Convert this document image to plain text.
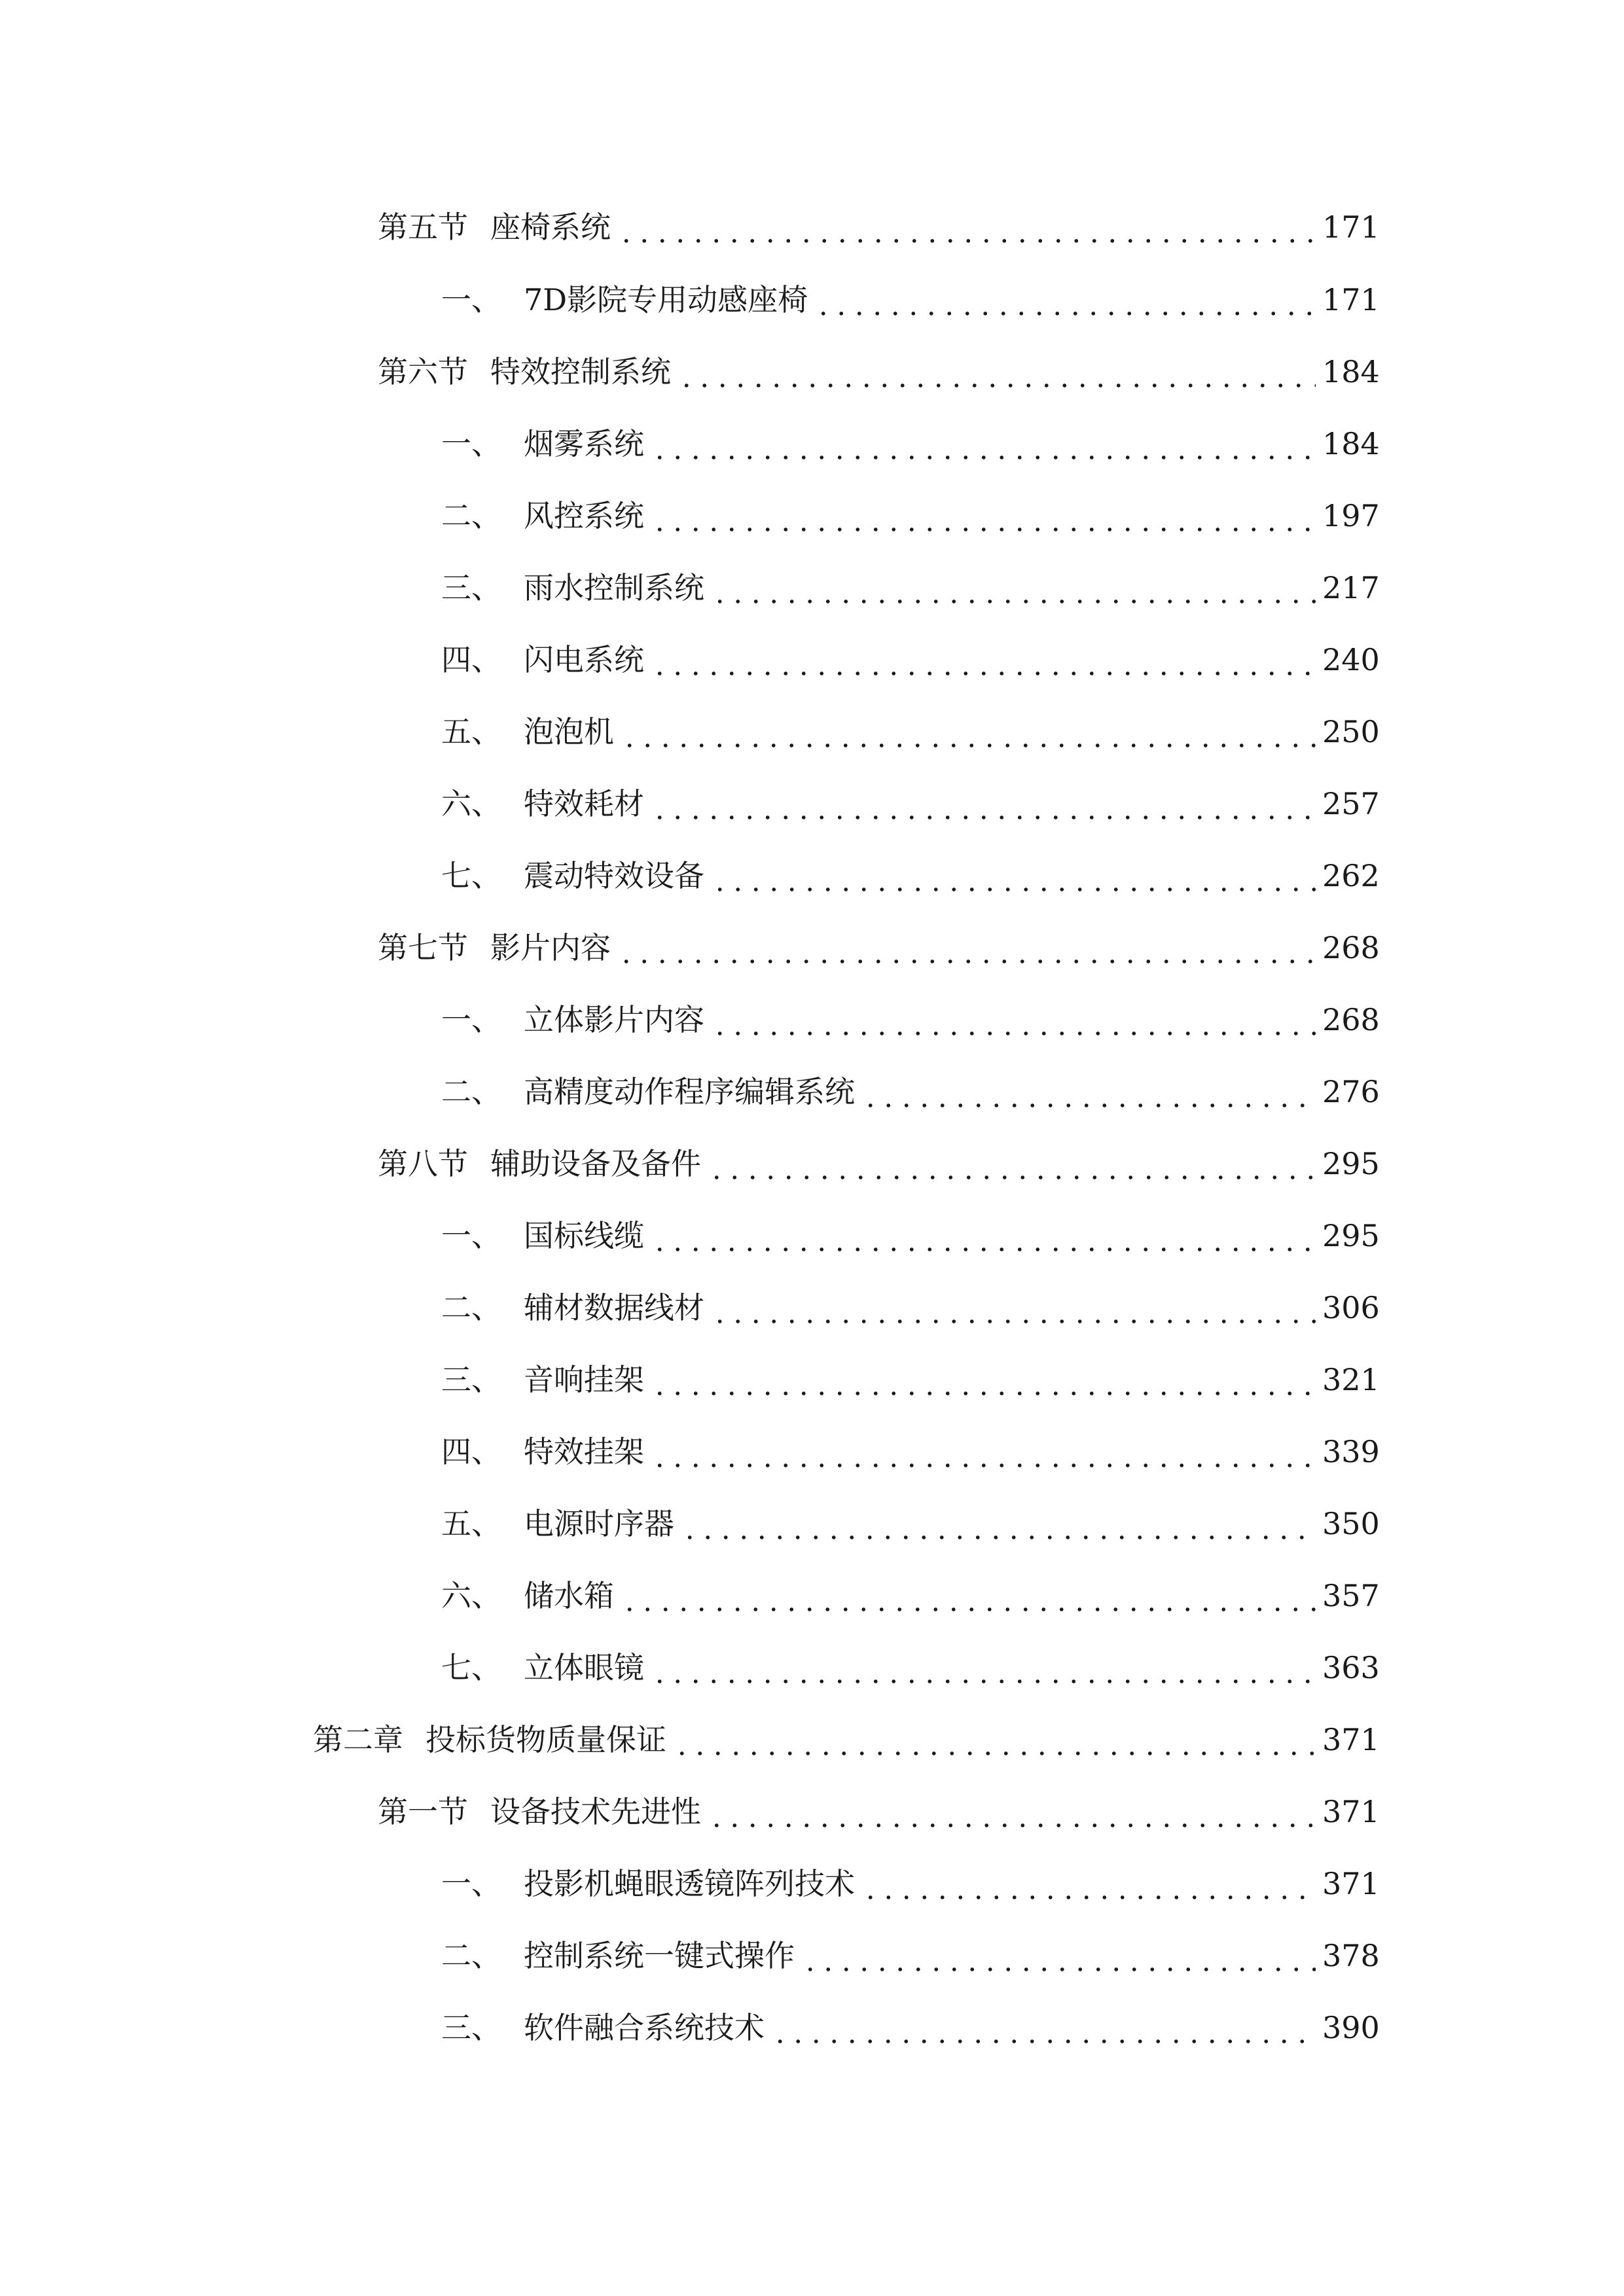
第五节 座椅系统	171
一、 7D影院专用动感座椅	171
第六节 特效控制系统	184
一、 烟雾系统	184
二、 风控系统	197
三、 雨水控制系统	217
四、 闪电系统	240
五、 泡泡机	250
六、 特效耗材	257
七、 震动特效设备	262
第七节 影片内容	268
一、 立体影片内容	268
二、 高精度动作程序编辑系统	276
第八节 辅助设备及备件	295
一、 国标线缆	295
二、 辅材数据线材	306
三、 音响挂架	321
四、 特效挂架	339
五、 电源时序器	350
六、 储水箱	357
七、 立体眼镜	363
第二章 投标货物质量保证	371
第一节 设备技术先进性	371
一、 投影机蝇眼透镜阵列技术	371
二、 控制系统一键式操作	378
三、 软件融合系统技术	390
